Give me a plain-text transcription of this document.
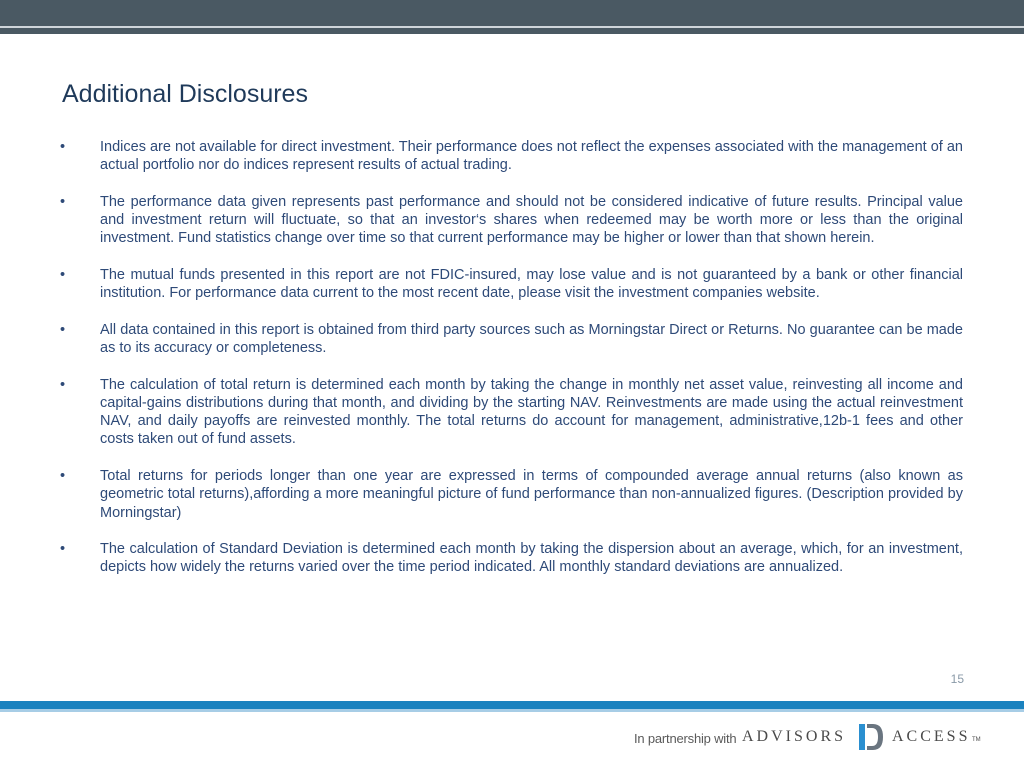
Additional Disclosures
• Indices are not available for direct investment. Their performance does not reflect the expenses associated with the management of an actual portfolio nor do indices represent results of actual trading.
• The performance data given represents past performance and should not be considered indicative of future results. Principal value and investment return will fluctuate, so that an investor‘s shares when redeemed may be worth more or less than the original investment. Fund statistics change over time so that current performance may be higher or lower than that shown herein.
• The mutual funds presented in this report are not FDIC-insured, may lose value and is not guaranteed by a bank or other financial institution. For performance data current to the most recent date, please visit the investment companies website.
• All data contained in this report is obtained from third party sources such as Morningstar Direct or Returns. No guarantee can be made as to its accuracy or completeness.
• The calculation of total return is determined each month by taking the change in monthly net asset value, reinvesting all income and capital-gains distributions during that month, and dividing by the starting NAV. Reinvestments are made using the actual reinvestment NAV, and daily payoffs are reinvested monthly. The total returns do account for management, administrative,12b-1 fees and other costs taken out of fund assets.
• Total returns for periods longer than one year are expressed in terms of compounded average annual returns (also known as geometric total returns),affording a more meaningful picture of fund performance than non-annualized figures. (Description provided by Morningstar)
• The calculation of Standard Deviation is determined each month by taking the dispersion about an average, which, for an investment, depicts how widely the returns varied over the time period indicated. All monthly standard deviations are annualized.
15
In partnership with ADVISORS	ACCESS TM
